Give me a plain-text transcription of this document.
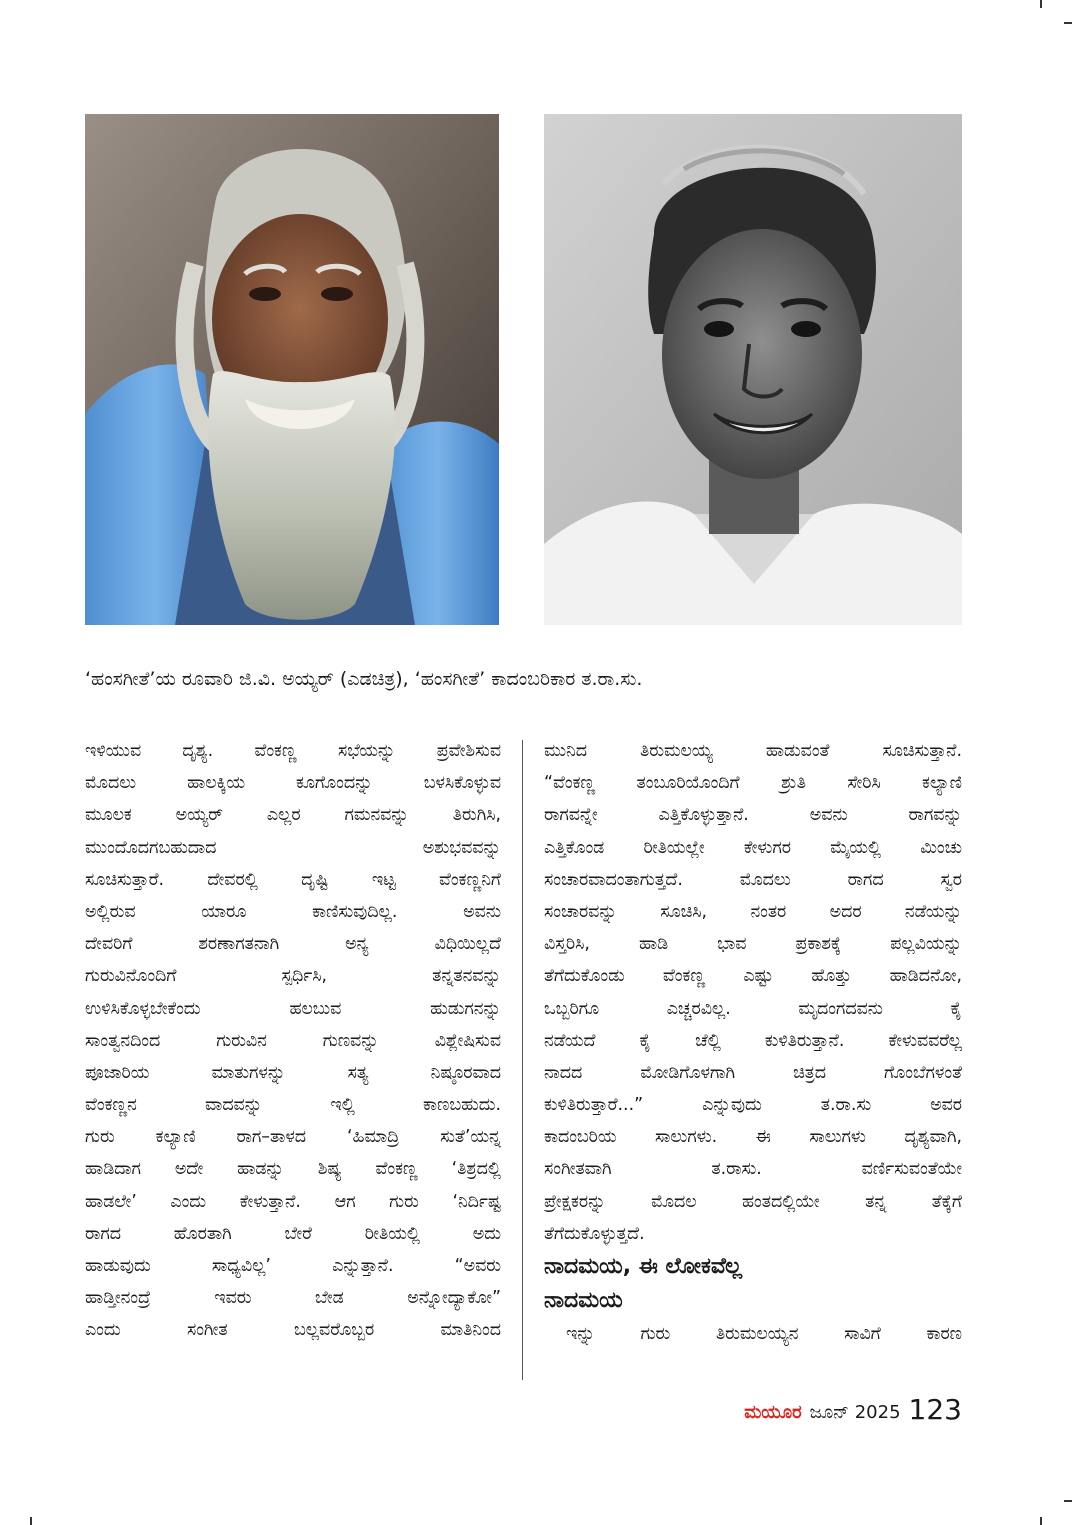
‘ಹಂಸಗೀತೆ’ಯ ರೂವಾರಿ ಜಿ.ವಿ. ಅಯ್ಯರ್ (ಎಡಚಿತ್ರ), ‘ಹಂಸಗೀತೆ’ ಕಾದಂಬರಿಕಾರ ತ.ರಾ.ಸು.
ಇಳಿಯುವ ದೃಶ್ಯ. ವೆಂಕಣ್ಣ ಸಭೆಯನ್ನು ಪ್ರವೇಶಿಸುವ
ಮೊದಲು ಹಾಲಕ್ಕಿಯ ಕೂಗೊಂದನ್ನು ಬಳಸಿಕೊಳ್ಳುವ
ಮೂಲಕ ಅಯ್ಯರ್ ಎಲ್ಲರ ಗಮನವನ್ನು ತಿರುಗಿಸಿ,
ಮುಂದೊದಗಬಹುದಾದ ಅಶುಭವವನ್ನು
ಸೂಚಿಸುತ್ತಾರೆ. ದೇವರಲ್ಲಿ ದೃಷ್ಟಿ ಇಟ್ಟ ವೆಂಕಣ್ಣನಿಗೆ
ಅಲ್ಲಿರುವ ಯಾರೂ ಕಾಣಿಸುವುದಿಲ್ಲ. ಅವನು
ದೇವರಿಗೆ ಶರಣಾಗತನಾಗಿ ಅನ್ಯ ವಿಧಿಯಿಲ್ಲದೆ
ಗುರುವಿನೊಂದಿಗೆ ಸ್ಪರ್ಧಿಸಿ, ತನ್ನತನವನ್ನು
ಉಳಿಸಿಕೊಳ್ಳಬೇಕೆಂದು ಹಲಬುವ ಹುಡುಗನನ್ನು
ಸಾಂತ್ವನದಿಂದ ಗುರುವಿನ ಗುಣವನ್ನು ವಿಶ್ಲೇಷಿಸುವ
ಪೂಜಾರಿಯ ಮಾತುಗಳನ್ನು ಸತ್ಯ ನಿಷ್ಠೂರವಾದ
ವೆಂಕಣ್ಣನ ವಾದವನ್ನು ಇಲ್ಲಿ ಕಾಣಬಹುದು.
ಗುರು ಕಲ್ಯಾಣಿ ರಾಗ–ತಾಳದ ‘ಹಿಮಾದ್ರಿ ಸುತೆ’ಯನ್ನ
ಹಾಡಿದಾಗ ಅದೇ ಹಾಡನ್ನು ಶಿಷ್ಯ ವೆಂಕಣ್ಣ ‘ತಿಶ್ರದಲ್ಲಿ
ಹಾಡಲೇ’ ಎಂದು ಕೇಳುತ್ತಾನೆ. ಆಗ ಗುರು ‘ನಿರ್ದಿಷ್ಟ
ರಾಗದ ಹೊರತಾಗಿ ಬೇರೆ ರೀತಿಯಲ್ಲಿ ಅದು
ಹಾಡುವುದು ಸಾಧ್ಯವಿಲ್ಲ’ ಎನ್ನುತ್ತಾನೆ. “ಅವರು
ಹಾಡ್ತೀನಂದ್ರೆ ಇವರು ಬೇಡ ಅನ್ನೋದ್ಯಾಕೋ”
ಎಂದು ಸಂಗೀತ ಬಲ್ಲವರೊಬ್ಬರ ಮಾತಿನಿಂದ
ಮುನಿದ ತಿರುಮಲಯ್ಯ ಹಾಡುವಂತೆ ಸೂಚಿಸುತ್ತಾನೆ.
“ವೆಂಕಣ್ಣ ತಂಬೂರಿಯೊಂದಿಗೆ ಶ್ರುತಿ ಸೇರಿಸಿ ಕಲ್ಯಾಣಿ
ರಾಗವನ್ನೇ ಎತ್ತಿಕೊಳ್ಳುತ್ತಾನೆ. ಅವನು ರಾಗವನ್ನು
ಎತ್ತಿಕೊಂಡ ರೀತಿಯಲ್ಲೇ ಕೇಳುಗರ ಮೈಯಲ್ಲಿ ಮಿಂಚು
ಸಂಚಾರವಾದಂತಾಗುತ್ತದೆ. ಮೊದಲು ರಾಗದ ಸ್ವರ
ಸಂಚಾರವನ್ನು ಸೂಚಿಸಿ, ನಂತರ ಅದರ ನಡೆಯನ್ನು
ವಿಸ್ತರಿಸಿ, ಹಾಡಿ ಭಾವ ಪ್ರಕಾಶಕ್ಕೆ ಪಲ್ಲವಿಯನ್ನು
ತೆಗೆದುಕೊಂಡು ವೆಂಕಣ್ಣ ಎಷ್ಟು ಹೊತ್ತು ಹಾಡಿದನೋ,
ಒಬ್ಬರಿಗೂ ಎಚ್ಚರವಿಲ್ಲ. ಮೃದಂಗದವನು ಕೈ
ನಡೆಯದೆ ಕೈ ಚೆಲ್ಲಿ ಕುಳಿತಿರುತ್ತಾನೆ. ಕೇಳುವವರೆಲ್ಲ
ನಾದದ ಮೋಡಿಗೊಳಗಾಗಿ ಚಿತ್ರದ ಗೊಂಬೆಗಳಂತೆ
ಕುಳಿತಿರುತ್ತಾರೆ...” ಎನ್ನುವುದು ತ.ರಾ.ಸು ಅವರ
ಕಾದಂಬರಿಯ ಸಾಲುಗಳು. ಈ ಸಾಲುಗಳು ದೃಶ್ಯವಾಗಿ,
ಸಂಗೀತವಾಗಿ ತ.ರಾಸು. ವರ್ಣಿಸುವಂತೆಯೇ
ಪ್ರೇಕ್ಷಕರನ್ನು ಮೊದಲ ಹಂತದಲ್ಲಿಯೇ ತನ್ನ ತೆಕ್ಕೆಗೆ
ತೆಗೆದುಕೊಳ್ಳುತ್ತದೆ.
ನಾದಮಯ, ಈ ಲೋಕವೆಲ್ಲ
ನಾದಮಯ
ಇನ್ನು ಗುರು ತಿರುಮಲಯ್ಯನ ಸಾವಿಗೆ ಕಾರಣ
ಮಯೂರ ಜೂನ್ 2025 123
